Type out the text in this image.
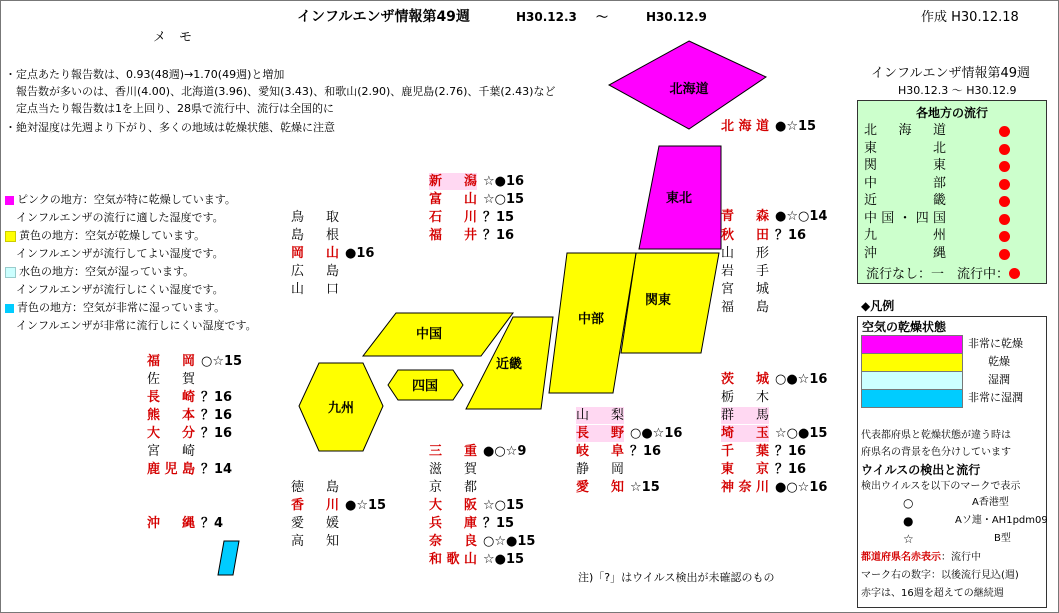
インフルエンザ情報第49週	H30.12.3 ～	H30.12.9	作成 H30.12.18
メ　モ
・定点あたり報告数は、0.93(48週)→1.70(49週)と増加
　報告数が多いのは、香川(4.00)、北海道(3.96)、愛知(3.43)、和歌山(2.90)、鹿児島(2.76)、千葉(2.43)など
　定点当たり報告数は1を上回り、28県で流行中、流行は全国的に
・絶対湿度は先週より下がり、多くの地域は乾燥状態、乾燥に注意
ピンクの地方：空気が特に乾燥しています。
　インフルエンザの流行に適した湿度です。
黄色の地方：空気が乾燥しています。
　インフルエンザが流行してよい湿度です。
水色の地方：空気が湿っています。
　インフルエンザが流行しにくい湿度です。
青色の地方：空気が非常に湿っています。
　インフルエンザが非常に流行しにくい湿度です。
北海道
東北
関東
中部
近畿
中国
四国
九州
北海道 ●☆15
青　森 ●☆○14
秋　田 ？16
山　形
岩　手
宮　城
福　島
新　潟 ☆●16
富　山 ☆○15
石　川 ？15
福　井 ？16
鳥　取
島　根
岡　山 ●16
広　島
山　口
福　岡 ○☆15
佐　賀
長　崎 ？16
熊　本 ？16
大　分 ？16
宮　崎
鹿児島 ？14
沖　縄 ？4
徳　島
香　川 ●☆15
愛　媛
高　知
三　重 ●○☆9
滋　賀
京　都
大　阪 ☆○15
兵　庫 ？15
奈　良 ○☆●15
和歌山 ☆●15
山　梨
長　野 ○●☆16
岐　阜 ？16
静　岡
愛　知 ☆15
茨　城 ○●☆16
栃　木
群　馬
埼　玉 ☆○●15
千　葉 ？16
東　京 ？16
神奈川 ●○☆16
注)「?」はウイルス検出が未確認のもの
インフルエンザ情報第49週
H30.12.3 ～ H30.12.9
各地方の流行
北　海　道
東　　　北
関　　　東
中　　　部
近　　　畿
中国・四国
九　　　州
沖　　　縄
流行なし：一　流行中：
◆凡例
空気の乾燥状態
非常に乾燥
乾燥
湿潤
非常に湿潤
代表都府県と乾燥状態が違う時は
府県名の背景を色分けしています
ウイルスの検出と流行
検出ウイルスを以下のマークで表示
○	A香港型
●	Aソ連・AH1pdm09
☆	B型
都道府県名赤表示：流行中
マーク右の数字：以後流行見込(週)
赤字は、16週を超えての継続週
